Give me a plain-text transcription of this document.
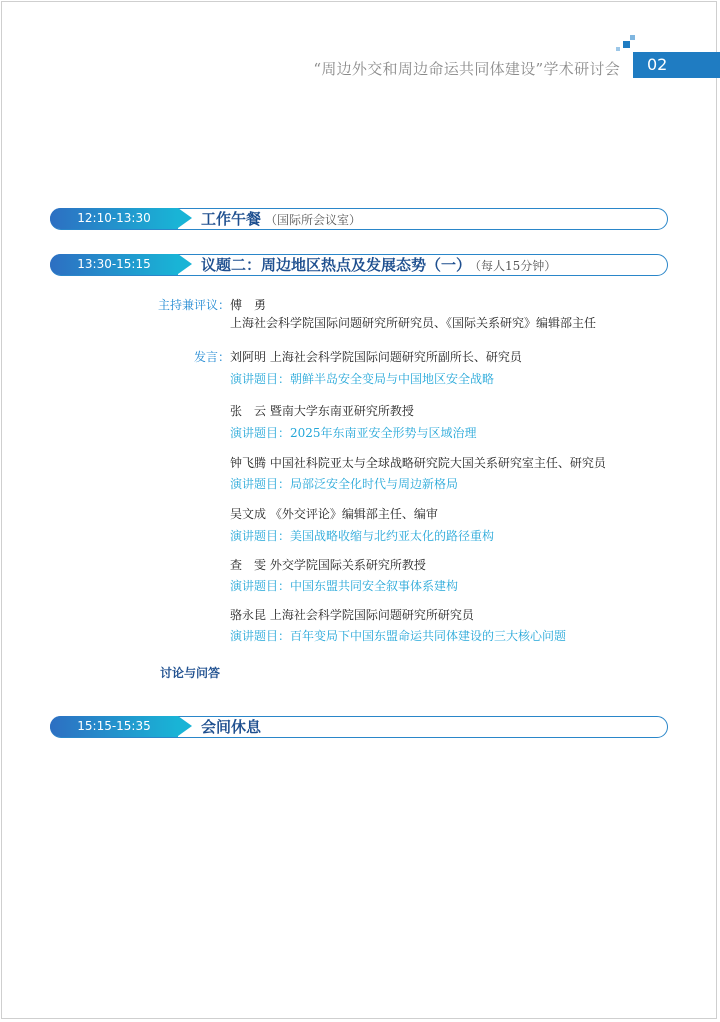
“周边外交和周边命运共同体建设”学术研讨会	02
12:10-13:30	工作午餐 （国际所会议室）
13:30-15:15	议题二：周边地区热点及发展态势（一） （每人15分钟）
主持兼评议： 傅　勇
上海社会科学院国际问题研究所研究员、《国际关系研究》编辑部主任
发言： 刘阿明 上海社会科学院国际问题研究所副所长、研究员
演讲题目：朝鲜半岛安全变局与中国地区安全战略
张　云 暨南大学东南亚研究所教授
演讲题目：2025年东南亚安全形势与区域治理
钟飞腾 中国社科院亚太与全球战略研究院大国关系研究室主任、研究员
演讲题目：局部泛安全化时代与周边新格局
吴文成 《外交评论》编辑部主任、编审
演讲题目：美国战略收缩与北约亚太化的路径重构
查　雯 外交学院国际关系研究所教授
演讲题目：中国东盟共同安全叙事体系建构
骆永昆 上海社会科学院国际问题研究所研究员
演讲题目：百年变局下中国东盟命运共同体建设的三大核心问题
讨论与问答
15:15-15:35	会间休息
